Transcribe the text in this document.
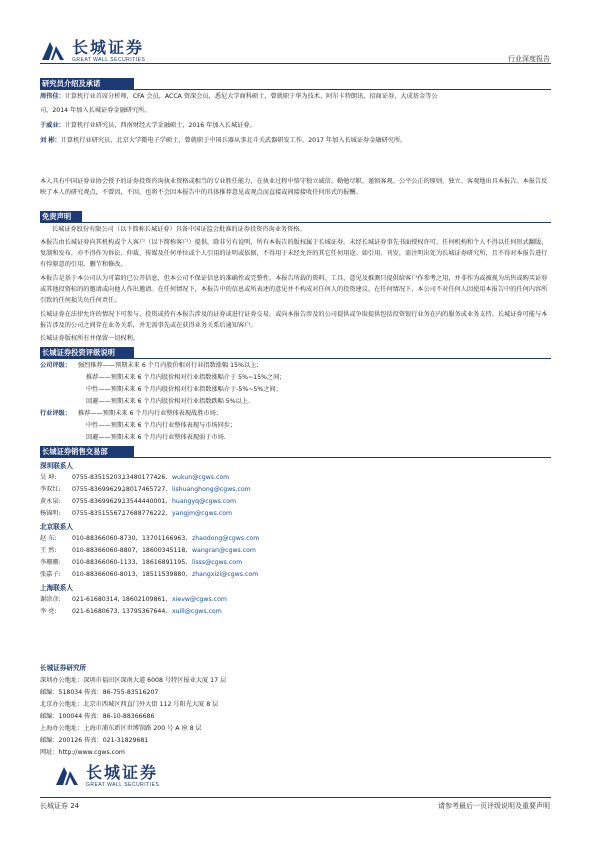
长城证券
GREAT WALL SECURITIES	行业深度报告
研究员介绍及承诺
周伟佳：计算机行业首席分析师，CFA 会员，ACCA 资深会员，悉尼大学商科硕士，曾就职于华为技术、阿尔卡特朗讯、招商证券、大成基金等公
司，2014 年加入长城证券金融研究所。
于威业：计算机行业研究员，西南财经大学金融硕士，2016 年加入长城证券。
刘 彬：计算机行业研究员，北京大学微电子学硕士，曾就职于中国兵器从事北斗关武器研发工作，2017 年加入长城证券金融研究所。
本人具有中国证券业协会授予的证券投资咨询执业资格或相当的专业胜任能力，在执业过程中恪守独立诚信、勤勉尽职、谨慎客观、公平公正的原则，独立、客观地出具本报告。本报告反映了本人的研究观点，不曾因，不因，也将不会因本报告中的具体推荐意见或观点而直接或间接接收任何形式的报酬。
免责声明
长城证券股份有限公司（以下简称长城证券）具备中国证监会批准的证券投资咨询业务资格。
本报告由长城证券向其机构或个人客户（以下简称客户）提供，除非另有说明，所有本报告的版权属于长城证券。未经长城证券事先书面授权许可，任何机构和个人不得以任何形式翻版、复制和发布，亦不得作为诉讼、仲裁、传媒及任何单位或个人引用的证明或依据，不得用于未经允许的其它任何用途。如引用、刊发，需注明出处为长城证券研究所，且不得对本报告进行有悖原意的引用、删节和修改。
本报告是基于本公司认为可靠的已公开信息，但本公司不保证信息的准确性或完整性。本报告所载的资料、工具、意见及推测只提供给客户作参考之用，并非作为或被视为出售或购买证券或其他投资标的的邀请或向他人作出邀请。在任何情况下，本报告中的信息或所表述的意见并不构成对任何人的投资建议。在任何情况下，本公司不对任何人因使用本报告中的任何内容所引致的任何损失负任何责任。
长城证券在法律允许的情况下可参与、投资或持有本报告涉及的证券或进行证券交易，或向本报告涉及的公司提供或争取提供包括投资银行业务在内的服务或业务支持。长城证券可能与本报告涉及的公司之间存在业务关系，并无需事先或在获得业务关系后通知客户。
长城证券版权所有并保留一切权利。
长城证券投资评级说明
公司评级： 强烈推荐——预期未来 6 个月内股价相对行业指数涨幅 15%以上；
推荐——预期未来 6 个月内股价相对行业指数涨幅介于 5%~15%之间；
中性——预期未来 6 个月内股价相对行业指数涨幅介于-5%~5%之间；
回避——预期未来 6 个月内股价相对行业指数跌幅 5%以上.
行业评级： 推荐——预期未来 6 个月内行业整体表现战胜市场；
中性——预期未来 6 个月内行业整体表现与市场同步；
回避——预期未来 6 个月内行业整体表现弱于市场.
长城证券销售交易部
深圳联系人
吴 坤:	0755-83515203,13480177426, wukun@cgws.com
李双红: 0755-83699629,18017465727, lishuanghong@cgws.com
黄永泉: 0755-83699629,13544440001, huangyq@cgws.com
杨锦明: 0755-83515567,17688776222, yangjm@cgws.com
北京联系人
赵 东:	010-88366060-8730, 13701166963, zhaodong@cgws.com
王 然:	010-88366060-8807, 18600345118, wangran@cgws.com
李珊珊: 010-88366060-1133, 18616891195, lisss@cgws.com
张嘉子: 010-88366060-8013, 18511539880, zhangxizi@cgws.com
上海联系人
谢涂彦: 021-61680314, 18602109861, xievw@cgws.com
李 亮:	021-61680673, 13795367644, xuill@cgws.com
长城证券研究所
深圳办公地址：深圳市福田区深南大道 6008 号特区报业大厦 17 层
邮编：518034 传真：86-755-83516207
北京办公地址：北京市西城区西直门外大街 112 号阳光大厦 8 层
邮编：100044 传真：86-10-88366686
上海办公地址：上海市浦东新区世博馆路 200 号 A 座 8 层
邮编：200126 传真：021-31829681
网址：http://www.cgws.com
长城证券
GREAT WALL SECURITIES
长城证券 24	请参考最后一页评级说明及重要声明
